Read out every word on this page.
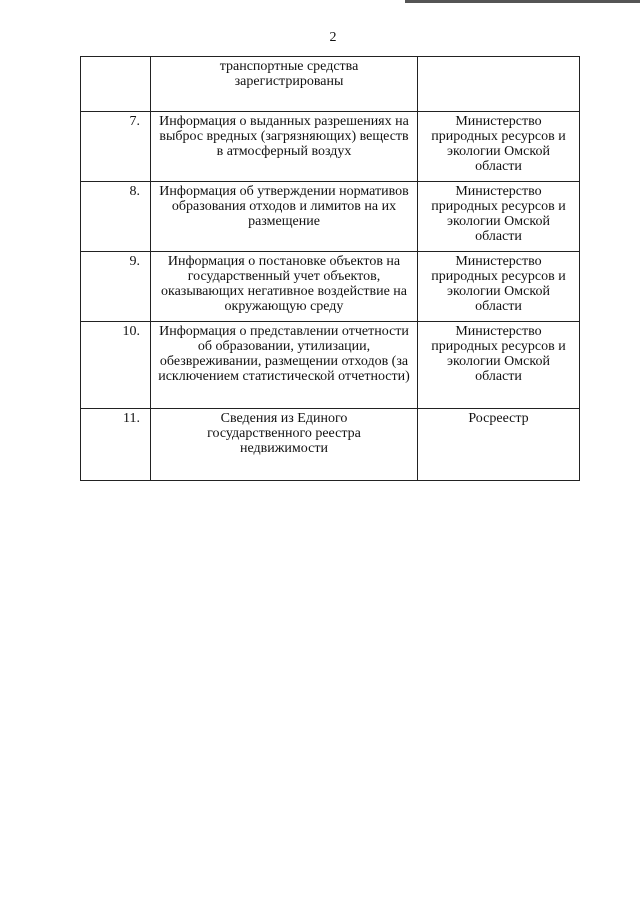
2
	транспортные средства зарегистрированы	
7.	Информация о выданных разрешениях на выброс вредных (загрязняющих) веществ в атмосферный воздух	Министерство природных ресурсов и экологии Омской области
8.	Информация об утверждении нормативов образования отходов и лимитов на их размещение	Министерство природных ресурсов и экологии Омской области
9.	Информация о постановке объектов на государственный учет объектов, оказывающих негативное воздействие на окружающую среду	Министерство природных ресурсов и экологии Омской области
10.	Информация о представлении отчетности об образовании, утилизации, обезвреживании, размещении отходов (за исключением статистической отчетности)	Министерство природных ресурсов и экологии Омской области
11.	Сведения из Единого государственного реестра недвижимости	Росреестр
